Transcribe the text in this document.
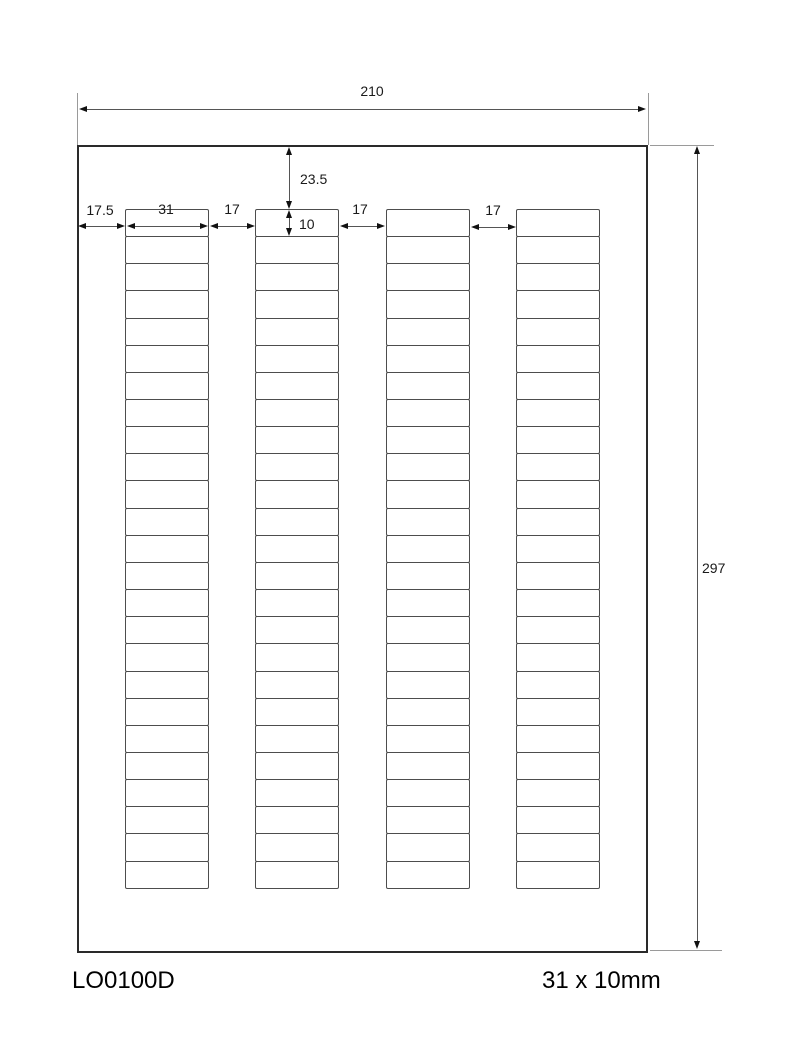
210
297
23.5
10
17.5	31	17	17	17
LO0100D	31 x 10mm
